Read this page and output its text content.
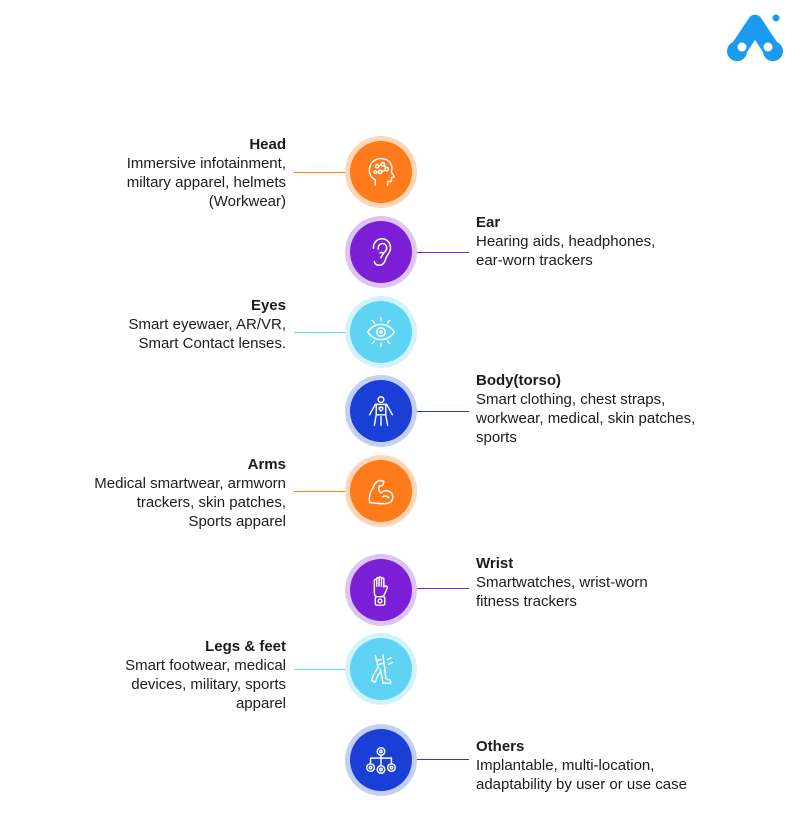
Head
Immersive infotainment,
miltary apparel, helmets
(Workwear)
Ear
Hearing aids, headphones,
ear-worn trackers
Eyes
Smart eyewaer, AR/VR,
Smart Contact lenses.
Body(torso)
Smart clothing, chest straps,
workwear, medical, skin patches,
sports
Arms
Medical smartwear, armworn
trackers, skin patches,
Sports apparel
Wrist
Smartwatches, wrist-worn
fitness trackers
Legs & feet
Smart footwear, medical
devices, military, sports
apparel
Others
Implantable, multi-location,
adaptability by user or use case
